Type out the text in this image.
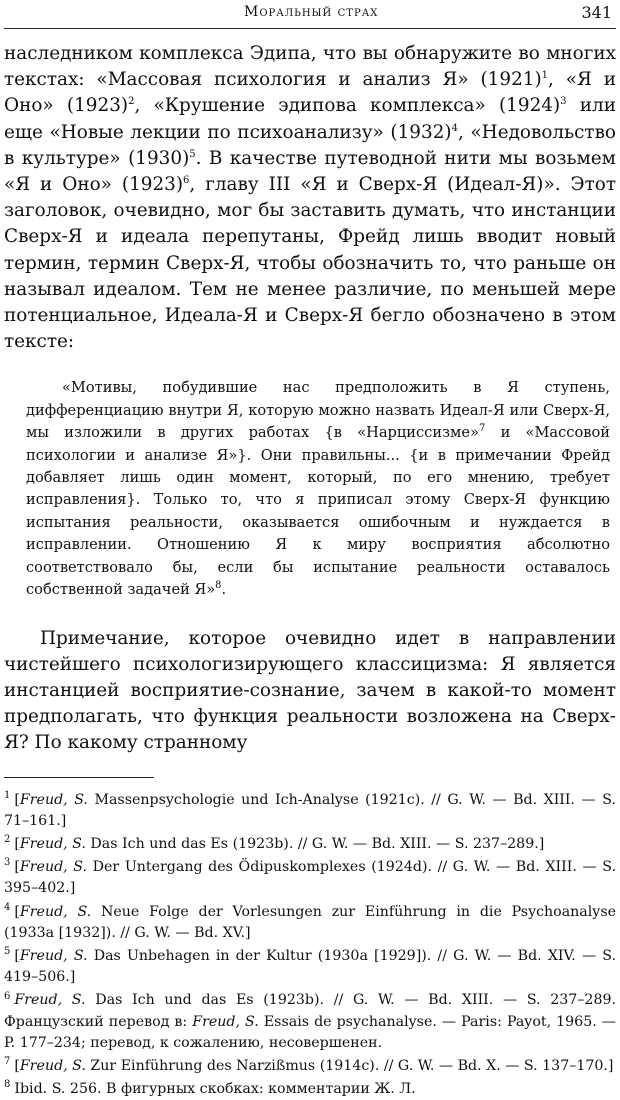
Моральный страх	341

наследником комплекса Эдипа, что вы обнаружите во многих текстах: «Массовая психология и анализ Я» $(1921)^1$, «Я и Оно» $(1923)^2$, «Крушение эдипова комплекса» $(1924)^3$ или еще «Новые лекции по психоанализу» $(1932)^4$, «Недовольство в культуре» $(1930)^5$. В качестве путеводной нити мы возьмем «Я и Оно» $(1923)^6$, главу III «Я и Сверх-Я (Идеал-Я)». Этот заголовок, очевидно, мог бы заставить думать, что инстанции Сверх-Я и идеала перепутаны, Фрейд лишь вводит новый термин, термин Сверх-Я, чтобы обозначить то, что раньше он называл идеалом. Тем не менее различие, по меньшей мере потенциальное, Идеала-Я и Сверх-Я бегло обозначено в этом тексте:

«Мотивы, побудившие нас предположить в Я ступень, дифференциацию внутри Я, которую можно назвать Идеал-Я или Сверх-Я, мы изложили в других работах {в «Нарциссизме»$^7$ и «Массовой психологии и анализе Я»}. Они правильны... {и в примечании Фрейд добавляет лишь один момент, который, по его мнению, требует исправления}. Только то, что я приписал этому Сверх-Я функцию испытания реальности, оказывается ошибочным и нуждается в исправлении. Отношению Я к миру восприятия абсолютно соответствовало бы, если бы испытание реальности оставалось собственной задачей Я»$^8$.

Примечание, которое очевидно идет в направлении чистейшего психологизирующего классицизма: Я является инстанцией восприятие-сознание, зачем в какой-то момент предполагать, что функция реальности возложена на Сверх-Я? По какому странному

$^1$ [Freud, S. Massenpsychologie und Ich-Analyse (1921c). // G. W. — Bd. XIII. — S. 71–161.]

$^2$ [Freud, S. Das Ich und das Es (1923b). // G. W. — Bd. XIII. — S. 237–289.]

$^3$ [Freud, S. Der Untergang des Ödipuskomplexes (1924d). // G. W. — Bd. XIII. — S. 395–402.]

$^4$ [Freud, S. Neue Folge der Vorlesungen zur Einführung in die Psychoanalyse (1933a [1932]). // G. W. — Bd. XV.]

$^5$ [Freud, S. Das Unbehagen in der Kultur (1930a [1929]). // G. W. — Bd. XIV. — S. 419–506.]

$^6$ Freud, S. Das Ich und das Es (1923b). // G. W. — Bd. XIII. — S. 237–289. Французский перевод в: Freud, S. Essais de psychanalyse. — Paris: Payot, 1965. — P. 177–234; перевод, к сожалению, несовершенен.

$^7$ [Freud, S. Zur Einführung des Narzißmus (1914c). // G. W. — Bd. X. — S. 137–170.]

$^8$ Ibid. S. 256. В фигурных скобках: комментарии Ж. Л.
